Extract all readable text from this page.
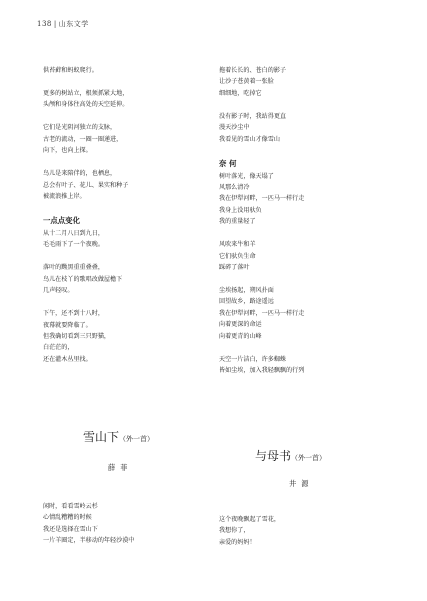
138 | 山东文学
供苔藓和蚂蚁爬行。
更多的树站立，根须抓紧大地，
头颅和身体往高处的天空延伸。
它们是光阴河独立的支脉，
古老的流动，一圈一圈递进，
向下，也向上探。
鸟儿是来陪伴的，也栖息，
总会有叶子、花儿、果实和种子
被流浪推上岸。
一点点变化
从十二月八日到九日，
毛毛雨下了一个夜晚。
落叶的黝黑重重叠叠，
鸟儿在枝丫的歌唱改做屋檐下
几声轻叹。
下午，还不到十八时，
夜幕就要降临了。
但我确切看到三只野猫，
白茫茫的，
还在灌木丛里找。
拖着长长的、苍白的影子
让沙子苍黄着一张脸
细细地，吃掉它
没有影子时，我站得更直
漫天沙尘中
我看见的雪山才像雪山
奈 何
树叶落光，像天塌了
风那么清冷
我在伊犁河畔，一匹马一样行走
我身上没用驮负
我的重量轻了
风吹来牛和羊
它们驮负生命
踩碎了落叶
尘埃扬起，朔风扑面
回望故乡，路途遥远
我在伊犁河畔，一匹马一样行走
向着更深的命运
向着更青的山峰
天空一片洁白，许多蜘蛛
皆如尘埃，加入我轻飘飘的行列
雪山下（外一首）
薛菲
闲时，看看雪岭云杉
心情乱糟糟的时候
我还是选择在雪山下
一片羊圈定，半移动的年轻沙漠中
与母书（外一首）
井源
这个夜晚飘起了雪花，
我想你了，
亲爱的妈妈！
